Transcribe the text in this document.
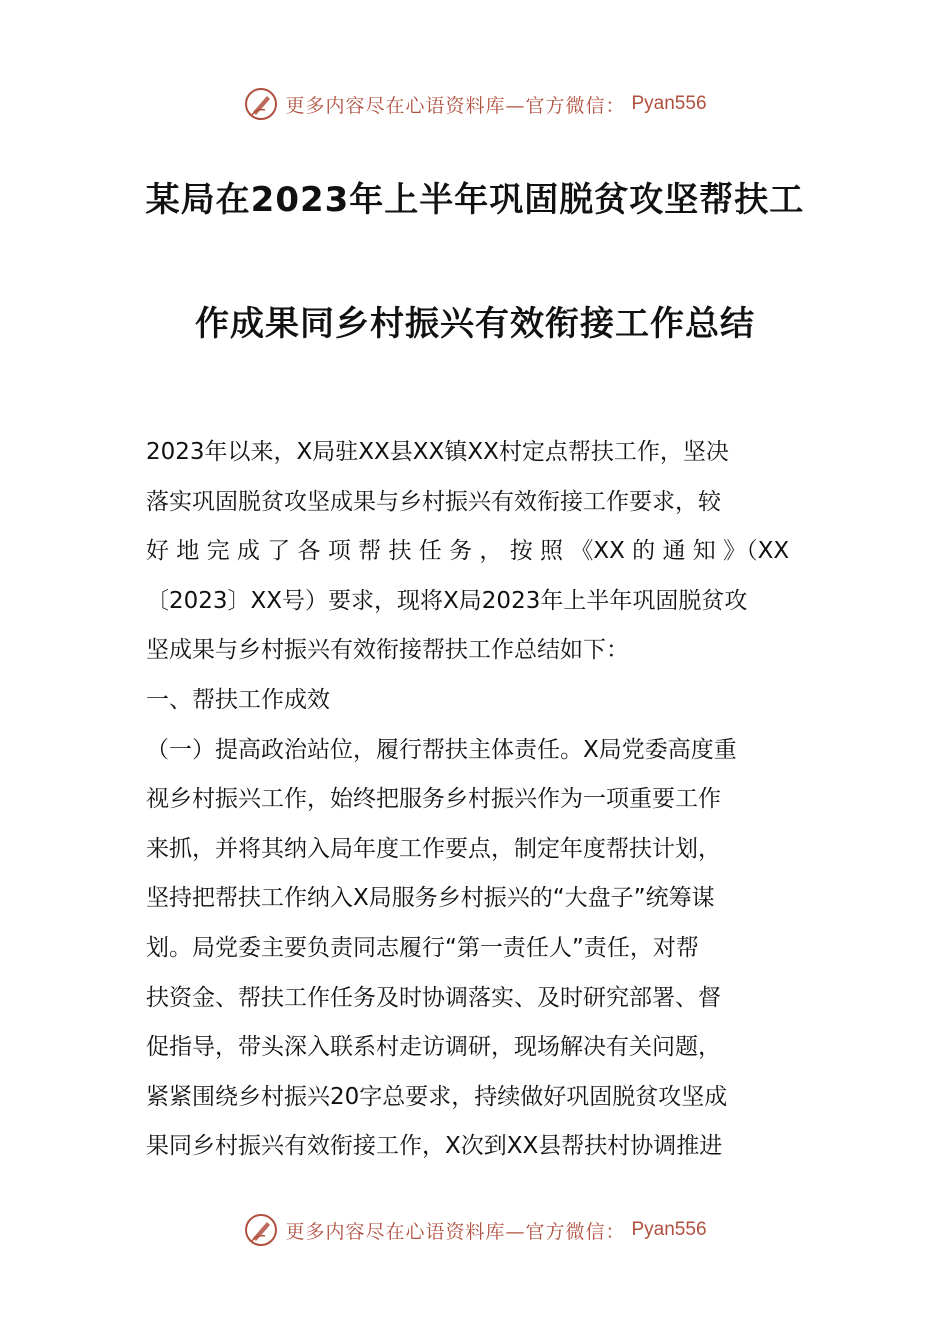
更多内容尽在心语资料库—官方微信： Pyan556
某局在2023年上半年巩固脱贫攻坚帮扶工
作成果同乡村振兴有效衔接工作总结
2023年以来，X局驻XX县XX镇XX村定点帮扶工作，坚决
落实巩固脱贫攻坚成果与乡村振兴有效衔接工作要求，较
好 地 完 成 了 各 项 帮 扶 任 务 ， 按 照 《XX 的 通 知 》（XX
〔2023〕XX号）要求，现将X局2023年上半年巩固脱贫攻
坚成果与乡村振兴有效衔接帮扶工作总结如下：
一、帮扶工作成效
（一）提高政治站位，履行帮扶主体责任。X局党委高度重
视乡村振兴工作，始终把服务乡村振兴作为一项重要工作
来抓，并将其纳入局年度工作要点，制定年度帮扶计划，
坚持把帮扶工作纳入X局服务乡村振兴的“大盘子”统筹谋
划。局党委主要负责同志履行“第一责任人”责任，对帮
扶资金、帮扶工作任务及时协调落实、及时研究部署、督
促指导，带头深入联系村走访调研，现场解决有关问题，
紧紧围绕乡村振兴20字总要求，持续做好巩固脱贫攻坚成
果同乡村振兴有效衔接工作，X次到XX县帮扶村协调推进
更多内容尽在心语资料库—官方微信： Pyan556
